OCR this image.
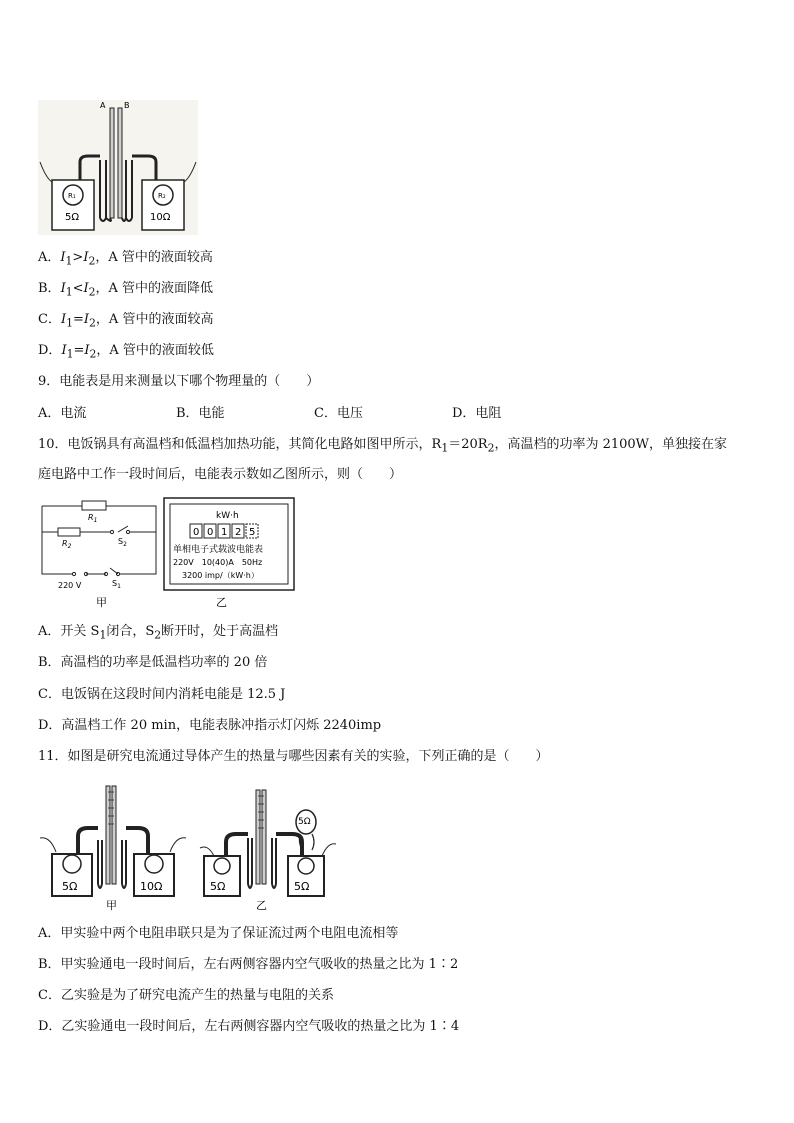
A B
R₁	R₂
5Ω	10Ω
A．$I_1>I_2$，A 管中的液面较高
B．$I_1<I_2$，A 管中的液面降低
C．$I_1=I_2$，A 管中的液面较高
D．$I_1=I_2$，A 管中的液面较低
9．电能表是用来测量以下哪个物理量的（　　）
A．电流	B．电能	C．电压	D．电阻
10．电饭锅具有高温档和低温档加热功能，其简化电路如图甲所示，$R_1=20R_2$，高温档的功率为 2100W，单独接在家
庭电路中工作一段时间后，电能表示数如乙图所示，则（　　）
$R_1$
$R_2$
$S_2$
$S_1$
220 V
甲
kW·h
0 0 1 2 5
单相电子式载波电能表
220V　10(40)A　50Hz
3200 imp/（kW·h）
乙
A．开关 $S_1$闭合，$S_2$断开时，处于高温档
B．高温档的功率是低温档功率的 20 倍
C．电饭锅在这段时间内消耗电能是 12.5 J
D．高温档工作 20 min，电能表脉冲指示灯闪烁 2240imp
11．如图是研究电流通过导体产生的热量与哪些因素有关的实验，下列正确的是（　　）
5Ω	10Ω
甲
5Ω
5Ω	5Ω
乙
A．甲实验中两个电阻串联只是为了保证流过两个电阻电流相等
B．甲实验通电一段时间后，左右两侧容器内空气吸收的热量之比为 1∶2
C．乙实验是为了研究电流产生的热量与电阻的关系
D．乙实验通电一段时间后，左右两侧容器内空气吸收的热量之比为 1∶4
